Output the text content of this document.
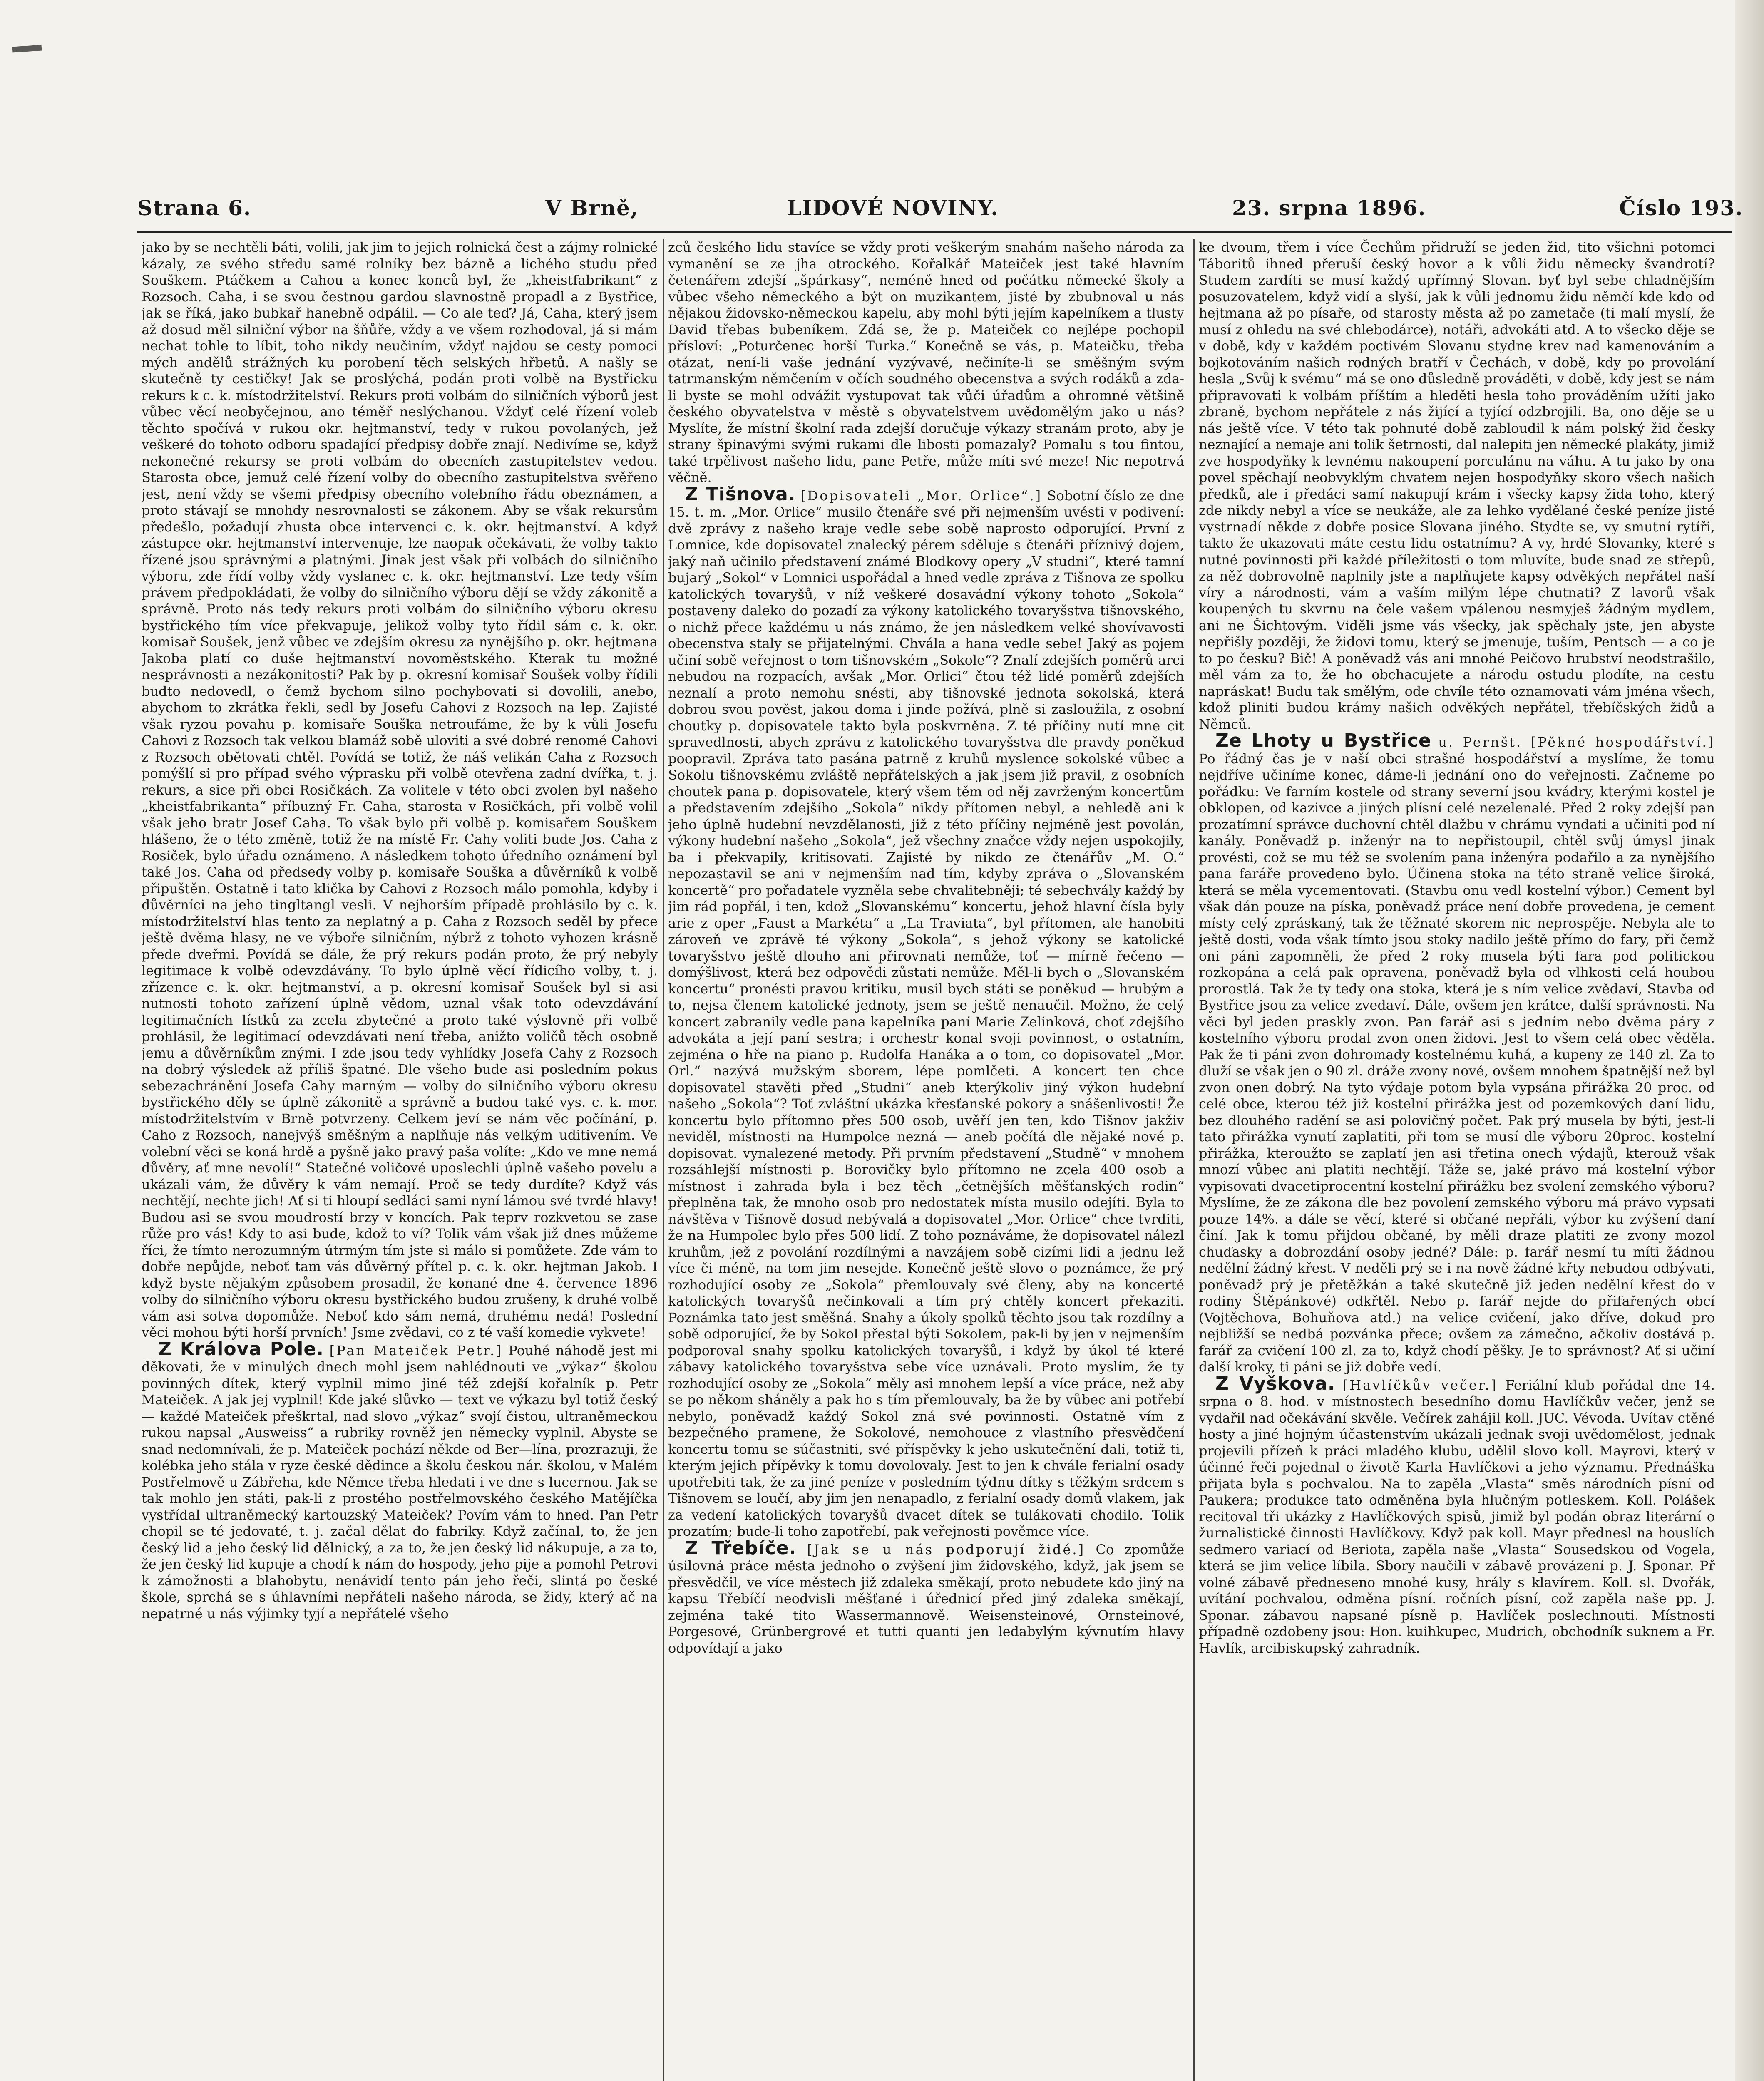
Strana 6.	V Brně,	LIDOVÉ NOVINY.	23. srpna 1896.	Číslo 193.

jako by se nechtěli báti, volili, jak jim to jejich rolnická čest a zájmy rolnické kázaly, ze svého středu samé rolníky bez bázně a lichého studu před Souškem. Ptáčkem a Cahou a konec konců byl, že „kheistfabrikant“ z Rozsoch. Caha, i se svou čestnou gardou slavnostně propadl a z Bystřice, jak se říká, jako bubkař hanebně odpálil. — Co ale teď? Já, Caha, který jsem až dosud měl silniční výbor na šňůře, vždy a ve všem rozhodoval, já si mám nechat tohle to líbit, toho nikdy neučiním, vždyť najdou se cesty pomoci mých andělů strážných ku porobení těch selských hřbetů. A našly se skutečně ty cestičky! Jak se proslýchá, podán proti volbě na Bystřicku rekurs k c. k. místodržitelství. Rekurs proti volbám do silničních výborů jest vůbec věcí neobyčejnou, ano téměř neslýchanou. Vždyť celé řízení voleb těchto spočívá v rukou okr. hejtmanství, tedy v rukou povolaných, jež veškeré do tohoto odboru spadající předpisy dobře znají. Nedivíme se, když nekonečné rekursy se proti volbám do obecních zastupitelstev vedou. Starosta obce, jemuž celé řízení volby do obecního zastupitelstva svěřeno jest, není vždy se všemi předpisy obecního volebního řádu obeznámen, a proto stávají se mnohdy nesrovnalosti se zákonem. Aby se však rekursům předešlo, požadují zhusta obce intervenci c. k. okr. hejtmanství. A když zástupce okr. hejtmanství intervenuje, lze naopak očekávati, že volby takto řízené jsou správnými a platnými. Jinak jest však při volbách do silničního výboru, zde řídí volby vždy vyslanec c. k. okr. hejtmanství. Lze tedy vším právem předpokládati, že volby do silničního výboru dějí se vždy zákonitě a správně. Proto nás tedy rekurs proti volbám do silničního výboru okresu bystřického tím více překvapuje, jelikož volby tyto řídil sám c. k. okr. komisař Soušek, jenž vůbec ve zdejším okresu za nynějšího p. okr. hejtmana Jakoba platí co duše hejtmanství novoměstského. Kterak tu možné nesprávnosti a nezákonitosti? Pak by p. okresní komisař Soušek volby řídili budto nedovedl, o čemž bychom silno pochybovati si dovolili, anebo, abychom to zkrátka řekli, sedl by Josefu Cahovi z Rozsoch na lep. Zajisté však ryzou povahu p. komisaře Souška netroufáme, že by k vůli Josefu Cahovi z Rozsoch tak velkou blamáž sobě uloviti a své dobré renomé Cahovi z Rozsoch obětovati chtěl. Povídá se totiž, že náš velikán Caha z Rozsoch pomýšlí si pro případ svého výprasku při volbě otevřena zadní dvířka, t. j. rekurs, a sice při obci Rosičkách. Za volitele v této obci zvolen byl našeho „kheistfabrikanta“ příbuzný Fr. Caha, starosta v Rosičkách, při volbě volil však jeho bratr Josef Caha. To však bylo při volbě p. komisařem Souškem hlášeno, že o této změně, totiž že na místě Fr. Cahy voliti bude Jos. Caha z Rosiček, bylo úřadu oznámeno. A následkem tohoto úředního oznámení byl také Jos. Caha od předsedy volby p. komisaře Souška a důvěrníků k volbě připuštěn. Ostatně i tato klička by Cahovi z Rozsoch málo pomohla, kdyby i důvěrníci na jeho tingltangl vesli. V nejhorším případě prohlásilo by c. k. místodržitelství hlas tento za neplatný a p. Caha z Rozsoch seděl by přece ještě dvěma hlasy, ne ve výboře silničním, nýbrž z tohoto vyhozen krásně přede dveřmi. Povídá se dále, že prý rekurs podán proto, že prý nebyly legitimace k volbě odevzdávány. To bylo úplně věcí řídicího volby, t. j. zřízence c. k. okr. hejtmanství, a p. okresní komisař Soušek byl si asi nutnosti tohoto zařízení úplně vědom, uznal však toto odevzdávání legitimačních lístků za zcela zbytečné a proto také výslovně při volbě prohlásil, že legitimací odevzdávati není třeba, anižto voličů těch osobně jemu a důvěrníkům znými. I zde jsou tedy vyhlídky Josefa Cahy z Rozsoch na dobrý výsledek až příliš špatné. Dle všeho bude asi posledním pokus sebezachránění Josefa Cahy marným — volby do silničního výboru okresu bystřického děly se úplně zákonitě a správně a budou také vys. c. k. mor. místodržitelstvím v Brně potvrzeny. Celkem jeví se nám věc počínání, p. Caho z Rozsoch, nanejvýš směšným a naplňuje nás velkým uditivením. Ve volební věci se koná hrdě a pyšně jako pravý paša volíte: „Kdo ve mne nemá důvěry, ať mne nevolí!“ Statečné voličové uposlechli úplně vašeho povelu a ukázali vám, že důvěry k vám nemají. Proč se tedy durdíte? Když vás nechtějí, nechte jich! Ať si ti hloupí sedláci sami nyní lámou své tvrdé hlavy! Budou asi se svou moudrostí brzy v koncích. Pak teprv rozkvetou se zase růže pro vás! Kdy to asi bude, kdož to ví? Tolik vám však již dnes můžeme říci, že tímto nerozumným útrmým tím jste si málo si pomůžete. Zde vám to dobře nepůjde, neboť tam vás důvěrný přítel p. c. k. okr. hejtman Jakob. I když byste nějakým způsobem prosadil, že konané dne 4. července 1896 volby do silničního výboru okresu bystřického budou zrušeny, k druhé volbě vám asi sotva dopomůže. Neboť kdo sám nemá, druhému nedá! Poslední věci mohou býti horší prvních! Jsme zvědavi, co z té vaší komedie vykvete!

Z Králova Pole. [Pan Mateiček Petr.] Pouhé náhodě jest mi děkovati, že v minulých dnech mohl jsem nahlédnouti ve „výkaz“ školou povinných dítek, který vyplnil mimo jiné též zdejší kořalník p. Petr Mateiček. A jak jej vyplnil! Kde jaké slůvko — text ve výkazu byl totiž český — každé Mateiček přeškrtal, nad slovo „výkaz“ svojí čistou, ultraněmeckou rukou napsal „Ausweiss“ a rubriky rovněž jen německy vyplnil. Abyste se snad nedomnívali, že p. Mateiček pochází někde od Ber—lína, prozrazuji, že kolébka jeho stála v ryze české dědince a školu českou nár. školou, v Malém Postřelmově u Zábřeha, kde Němce třeba hledati i ve dne s lucernou. Jak se tak mohlo jen státi, pak-li z prostého postřelmovského českého Matějíčka vystřídal ultraněmecký kartouzský Mateiček? Povím vám to hned. Pan Petr chopil se té jedovaté, t. j. začal dělat do fabriky. Když začínal, to, že jen český lid a jeho český lid dělnický, a za to, že jen český lid nákupuje, a za to, že jen český lid kupuje a chodí k nám do hospody, jeho pije a pomohl Petrovi k zámožnosti a blahobytu, nenávidí tento pán jeho řeči, slintá po české škole, sprchá se s úhlavními nepřáteli našeho národa, se židy, který ač na nepatrné u nás výjimky tyjí a nepřátelé všeho

zců českého lidu stavíce se vždy proti veškerým snahám našeho národa za vymanění se ze jha otrockého. Kořalkář Mateiček jest také hlavním četenářem zdejší „špárkasy“, neméně hned od počátku německé školy a vůbec všeho německého a být on muzikantem, jisté by zbubnoval u nás nějakou židovsko-německou kapelu, aby mohl býti jejím kapelníkem a tlusty David třebas bubeníkem. Zdá se, že p. Mateiček co nejlépe pochopil přísloví: „Poturčenec horší Turka.“ Konečně se vás, p. Mateičku, třeba otázat, není-li vaše jednání vyzývavé, nečiníte-li se směšným svým tatrmanským němčením v očích soudného obecenstva a svých rodáků a zda-li byste se mohl odvážit vystupovat tak vůči úřadům a ohromné většině českého obyvatelstva v městě s obyvatelstvem uvědomělým jako u nás? Myslíte, že místní školní rada zdejší doručuje výkazy stranám proto, aby je strany špinavými svými rukami dle libosti pomazaly? Pomalu s tou fintou, také trpělivost našeho lidu, pane Petře, může míti své meze! Nic nepotrvá věčně.

Z Tišnova. [Dopisovateli „Mor. Orlice“.] Sobotní číslo ze dne 15. t. m. „Mor. Orlice“ musilo čtenáře své při nejmenším uvésti v podivení: dvě zprávy z našeho kraje vedle sebe sobě naprosto odporující. První z Lomnice, kde dopisovatel znalecký pérem sděluje s čtenáři příznivý dojem, jaký naň učinilo představení známé Blodkovy opery „V studni“, které tamní bujarý „Sokol“ v Lomnici uspořádal a hned vedle zpráva z Tišnova ze spolku katolických tovaryšů, v níž veškeré dosavádní výkony tohoto „Sokola“ postaveny daleko do pozadí za výkony katolického tovaryšstva tišnovského, o nichž přece každému u nás známo, že jen následkem velké shovívavosti obecenstva staly se přijatelnými. Chvála a hana vedle sebe! Jaký as pojem učiní sobě veřejnost o tom tišnovském „Sokole“? Znalí zdejších poměrů arci nebudou na rozpacích, avšak „Mor. Orlici“ čtou též lidé poměrů zdejších neznalí a proto nemohu snésti, aby tišnovské jednota sokolská, která dobrou svou pověst, jakou doma i jinde požívá, plně si zasloužila, z osobní choutky p. dopisovatele takto byla poskvrněna. Z té příčiny nutí mne cit spravedlnosti, abych zprávu z katolického tovaryšstva dle pravdy poněkud poopravil. Zpráva tato pasána patrně z kruhů myslence sokolské vůbec a Sokolu tišnovskému zvláště nepřátelských a jak jsem již pravil, z osobních choutek pana p. dopisovatele, který všem těm od něj zavrženým koncertům a představením zdejšího „Sokola“ nikdy přítomen nebyl, a nehledě ani k jeho úplně hudební nevzdělanosti, již z této příčiny nejméně jest povolán, výkony hudební našeho „Sokola“, jež všechny značce vždy nejen uspokojily, ba i překvapily, kritisovati. Zajisté by nikdo ze čtenářův „M. O.“ nepozastavil se ani v nejmenším nad tím, kdyby zpráva o „Slovanském koncertě“ pro pořadatele vyzněla sebe chvalitebněji; té sebechvály každý by jim rád popřál, i ten, kdož „Slovanskému“ koncertu, jehož hlavní čísla byly arie z oper „Faust a Markéta“ a „La Traviata“, byl přítomen, ale hanobiti zároveň ve zprávě té výkony „Sokola“, s jehož výkony se katolické tovaryšstvo ještě dlouho ani přirovnati nemůže, toť — mírně řečeno — domýšlivost, která bez odpovědi zůstati nemůže. Měl-li bych o „Slovanském koncertu“ pronésti pravou kritiku, musil bych státi se poněkud — hrubým a to, nejsa členem katolické jednoty, jsem se ještě nenaučil. Možno, že celý koncert zabranily vedle pana kapelníka paní Marie Zelinková, choť zdejšího advokáta a její paní sestra; i orchestr konal svoji povinnost, o ostatním, zejména o hře na piano p. Rudolfa Hanáka a o tom, co dopisovatel „Mor. Orl.“ nazývá mužským sborem, lépe pomlčeti. A koncert ten chce dopisovatel stavěti před „Studni“ aneb kterýkoliv jiný výkon hudební našeho „Sokola“? Toť zvláštní ukázka křesťanské pokory a snášenlivosti! Že koncertu bylo přítomno přes 500 osob, uvěří jen ten, kdo Tišnov jakživ neviděl, místnosti na Humpolce nezná — aneb počítá dle nějaké nové p. dopisovat. vynalezené metody. Při prvním představení „Studně“ v mnohem rozsáhlejší místnosti p. Borovičky bylo přítomno ne zcela 400 osob a místnost i zahrada byla i bez těch „četnějších měšťanských rodin“ přeplněna tak, že mnoho osob pro nedostatek místa musilo odejíti. Byla to návštěva v Tišnově dosud nebývalá a dopisovatel „Mor. Orlice“ chce tvrditi, že na Humpolec bylo přes 500 lidí. Z toho poznáváme, že dopisovatel nálezl kruhům, jež z povolání rozdílnými a navzájem sobě cizími lidi a jednu lež více či méně, na tom jim nesejde. Konečně ještě slovo o poznámce, že prý rozhodující osoby ze „Sokola“ přemlouvaly své členy, aby na koncerté katolických tovaryšů nečinkovali a tím prý chtěly koncert překaziti. Poznámka tato jest směšná. Snahy a úkoly spolků těchto jsou tak rozdílny a sobě odporující, že by Sokol přestal býti Sokolem, pak-li by jen v nejmenším podporoval snahy spolku katolických tovaryšů, i když by úkol té které zábavy katolického tovaryšstva sebe více uznávali. Proto myslím, že ty rozhodující osoby ze „Sokola“ měly asi mnohem lepší a více práce, než aby se po někom sháněly a pak ho s tím přemlouvaly, ba že by vůbec ani potřebí nebylo, poněvadž každý Sokol zná své povinnosti. Ostatně vím z bezpečného pramene, že Sokolové, nemohouce z vlastního přesvědčení koncertu tomu se súčastniti, své příspěvky k jeho uskutečnění dali, totiž ti, kterým jejich přípěvky k tomu dovolovaly. Jest to jen k chvále ferialní osady upotřebiti tak, že za jiné peníze v posledním týdnu dítky s těžkým srdcem s Tišnovem se loučí, aby jim jen nenapadlo, z ferialní osady domů vlakem, jak za vedení katolických tovaryšů dvacet dítek se tulákovati chodilo. Tolik prozatím; bude-li toho zapotřebí, pak veřejnosti pověmce více.

Z Třebíče. [Jak se u nás podporují židé.] Co zpomůže úsilovná práce města jednoho o zvýšení jim židovského, když, jak jsem se přesvědčil, ve více městech již zdaleka směkají, proto nebudete kdo jiný na kapsu Třebíčí neodvisli měšťané i úřednicí před jiný zdaleka směkají, zejména také tito Wassermannově. Weisensteinové, Ornsteinové, Porgesové, Grünbergrové et tutti quanti jen ledabylým kývnutím hlavy odpovídají a jako

ke dvoum, třem i více Čechům přidruží se jeden žid, tito všichni potomci Táboritů ihned přeruší český hovor a k vůli židu německy švandrotí? Studem zardíti se musí každý upřímný Slovan. byť byl sebe chladnějším posuzovatelem, když vidí a slyší, jak k vůli jednomu židu němčí kde kdo od hejtmana až po písaře, od starosty města až po zametače (ti malí myslí, že musí z ohledu na své chlebodárce), notáři, advokáti atd. A to všecko děje se v době, kdy v každém poctivém Slovanu stydne krev nad kamenováním a bojkotováním našich rodných bratří v Čechách, v době, kdy po provolání hesla „Svůj k svému“ má se ono důsledně prováděti, v době, kdy jest se nám připravovati k volbám příštím a hleděti hesla toho prováděním užíti jako zbraně, bychom nepřátele z nás žijící a tyjící odzbrojili. Ba, ono děje se u nás ještě více. V této tak pohnuté době zabloudil k nám polský žid česky neznající a nemaje ani tolik šetrnosti, dal nalepiti jen německé plakáty, jimiž zve hospodyňky k levnému nakoupení porculánu na váhu. A tu jako by ona povel spěchají neobvyklým chvatem nejen hospodyňky skoro všech našich předků, ale i předáci samí nakupují krám i všecky kapsy žida toho, který zde nikdy nebyl a více se neukáže, ale za lehko vydělané české peníze jisté vystrnadí někde z dobře posice Slovana jiného. Stydte se, vy smutní rytíři, takto že ukazovati máte cestu lidu ostatnímu? A vy, hrdé Slovanky, které s nutné povinnosti při každé příležitosti o tom mluvíte, bude snad ze střepů, za něž dobrovolně naplnily jste a naplňujete kapsy odvěkých nepřátel naší víry a národnosti, vám a vaším milým lépe chutnati? Z lavorů však koupených tu skvrnu na čele vašem vpálenou nesmyješ žádným mydlem, ani ne Šichtovým. Viděli jsme vás všecky, jak spěchaly jste, jen abyste nepřišly později, že židovi tomu, který se jmenuje, tuším, Pentsch — a co je to po česku? Bič! A poněvadž vás ani mnohé Peičovo hrubství neodstrašilo, měl vám za to, že ho obchacujete a národu ostudu plodíte, na cestu napráskat! Budu tak smělým, ode chvíle této oznamovati vám jména všech, kdož pliniti budou krámy našich odvěkých nepřátel, třebíčských židů a Němců.

Ze Lhoty u Bystřice u. Pernšt. [Pěkné hospodářství.] Po řádný čas je v naší obci strašné hospodářství a myslíme, že tomu nejdříve učiníme konec, dáme-li jednání ono do veřejnosti. Začneme po pořádku: Ve farním kostele od strany severní jsou kvádry, kterými kostel je obklopen, od kazivce a jiných plísní celé nezelenalé. Před 2 roky zdejší pan prozatímní správce duchovní chtěl dlažbu v chrámu vyndati a učiniti pod ní kanály. Poněvadž p. inženýr na to nepřistoupil, chtěl svůj úmysl jinak provésti, což se mu též se svolením pana inženýra podařilo a za nynějšího pana faráře provedeno bylo. Účinena stoka na této straně velice široká, která se měla vycementovati. (Stavbu onu vedl kostelní výbor.) Cement byl však dán pouze na píska, poněvadž práce není dobře provedena, je cement místy celý zpráskaný, tak že těžnaté skorem nic neprospěje. Nebyla ale to ještě dosti, voda však tímto jsou stoky nadilo ještě přímo do fary, při čemž oni páni zapomněli, že před 2 roky musela býti fara pod politickou rozkopána a celá pak opravena, poněvadž byla od vlhkosti celá houbou prorostlá. Tak že ty tedy ona stoka, která je s ním velice zvědaví, Stavba od Bystřice jsou za velice zvedaví. Dále, ovšem jen krátce, další správnosti. Na věci byl jeden praskly zvon. Pan farář asi s jedním nebo dvěma páry z kostelního výboru prodal zvon onen židovi. Jest to všem celá obec věděla. Pak že ti páni zvon dohromady kostelnému kuhá, a kupeny ze 140 zl. Za to dluží se však jen o 90 zl. dráže zvony nové, ovšem mnohem špatnější než byl zvon onen dobrý. Na tyto výdaje potom byla vypsána přirážka 20 proc. od celé obce, kterou též již kostelní přirážka jest od pozemkových daní lidu, bez dlouhého radění se asi polovičný počet. Pak prý musela by býti, jest-li tato přirážka vynutí zaplatiti, při tom se musí dle výboru 20proc. kostelní přirážka, kteroužto se zaplatí jen asi třetina onech výdajů, kterouž však mnozí vůbec ani platiti nechtějí. Táže se, jaké právo má kostelní výbor vypisovati dvacetiprocentní kostelní přirážku bez svolení zemského výboru? Myslíme, že ze zákona dle bez povolení zemského výboru má právo vypsati pouze 14%. a dále se věcí, které si občané nepřáli, výbor ku zvýšení daní činí. Jak k tomu přijdou občané, by měli draze platiti ze zvony mozol chuďasky a dobrozdání osoby jedné? Dále: p. farář nesmí tu míti žádnou nedělní žádný křest. V neděli prý se i na nově žádné křty nebudou odbývati, poněvadž prý je přetěžkán a také skutečně již jeden nedělní křest do v rodiny Štěpánkové) odkřtěl. Nebo p. farář nejde do přifařených obcí (Vojtěchova, Bohuňova atd.) na velice cvičení, jako dříve, dokud pro nejbližší se nedbá pozvánka přece; ovšem za zámečno, ačkoliv dostává p. farář za cvičení 100 zl. za to, když chodí pěšky. Je to správnost? Ať si učiní další kroky, ti páni se již dobře vedí.

Z Vyškova. [Havlíčkův večer.] Feriální klub pořádal dne 14. srpna o 8. hod. v místnostech besedního domu Havlíčkův večer, jenž se vydařil nad očekávání skvěle. Večírek zahájil koll. JUC. Vévoda. Uvítav ctěné hosty a jiné hojným účastenstvím ukázali jednak svoji uvědomělost, jednak projevili přízeň k práci mladého klubu, udělil slovo koll. Mayrovi, který v účinné řeči pojednal o životě Karla Havlíčkovi a jeho významu. Přednáška přijata byla s pochvalou. Na to zapěla „Vlasta“ směs národních písní od Paukera; produkce tato odměněna byla hlučným potleskem. Koll. Polášek recitoval tři ukázky z Havlíčkových spisů, jimiž byl podán obraz literární o žurnalistické činnosti Havlíčkovy. Když pak koll. Mayr přednesl na houslích sedmero variací od Beriota, zapěla naše „Vlasta“ Sousedskou od Vogela, která se jim velice líbila. Sbory naučili v zábavě provázení p. J. Sponar. Př volné zábavě předneseno mnohé kusy, hrály s klavírem. Koll. sl. Dvořák, uvítání pochvalou, odměna písní. ročních písní, což zapěla naše pp. J. Sponar. zábavou napsané písně p. Havlíček poslechnouti. Místnosti případně ozdobeny jsou: Hon. kuihkupec, Mudrich, obchodník suknem a Fr. Havlík, arcibiskupský zahradník.
